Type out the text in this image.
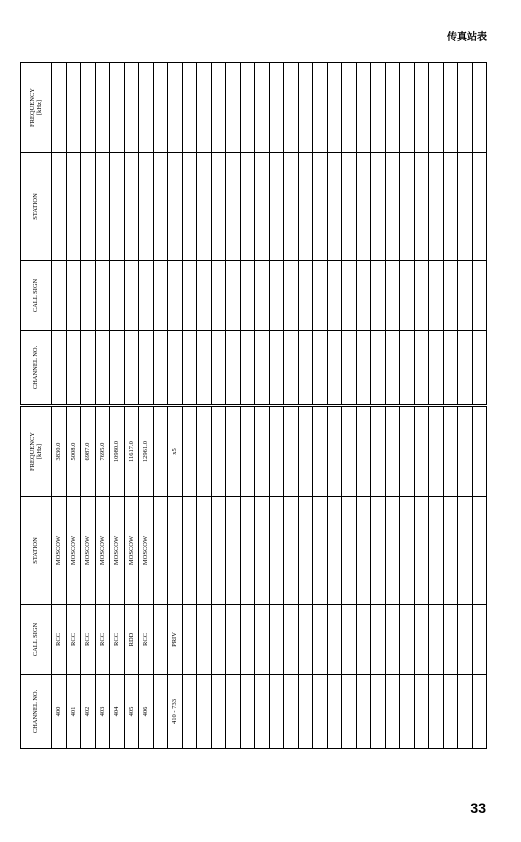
传真站表
CHANNEL NO.	CALL SIGN	STATION	FREQUENCY [kHz]

CHANNEL NO.	CALL SIGN	STATION	FREQUENCY [kHz]

400	RCC	MOSCOW	3830.0
401	RCC	MOSCOW	5008.0
402	RCC	MOSCOW	6987.0
403	RCC	MOSCOW	7695.0
404	RCC	MOSCOW	10980.0
405	RDD	MOSCOW	11617.0
406	RCC	MOSCOW	12961.0

410 - 733	PRIV		x5

33
